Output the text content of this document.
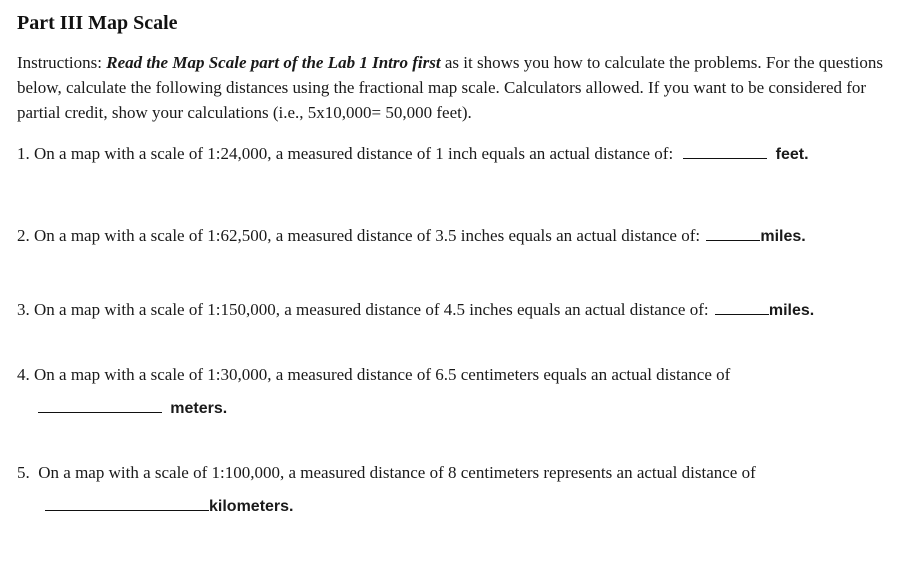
Part III Map Scale

Instructions: Read the Map Scale part of the Lab 1 Intro first as it shows you how to calculate the problems. For the questions below, calculate the following distances using the fractional map scale. Calculators allowed. If you want to be considered for partial credit, show your calculations (i.e., 5x10,000= 50,000 feet).

1. On a map with a scale of 1:24,000, a measured distance of 1 inch equals an actual distance of:	feet.
2. On a map with a scale of 1:62,500, a measured distance of 3.5 inches equals an actual distance of:	miles.
3. On a map with a scale of 1:150,000, a measured distance of 4.5 inches equals an actual distance of:	miles.
4. On a map with a scale of 1:30,000, a measured distance of 6.5 centimeters equals an actual distance of
meters.
5. On a map with a scale of 1:100,000, a measured distance of 8 centimeters represents an actual distance of
kilometers.
